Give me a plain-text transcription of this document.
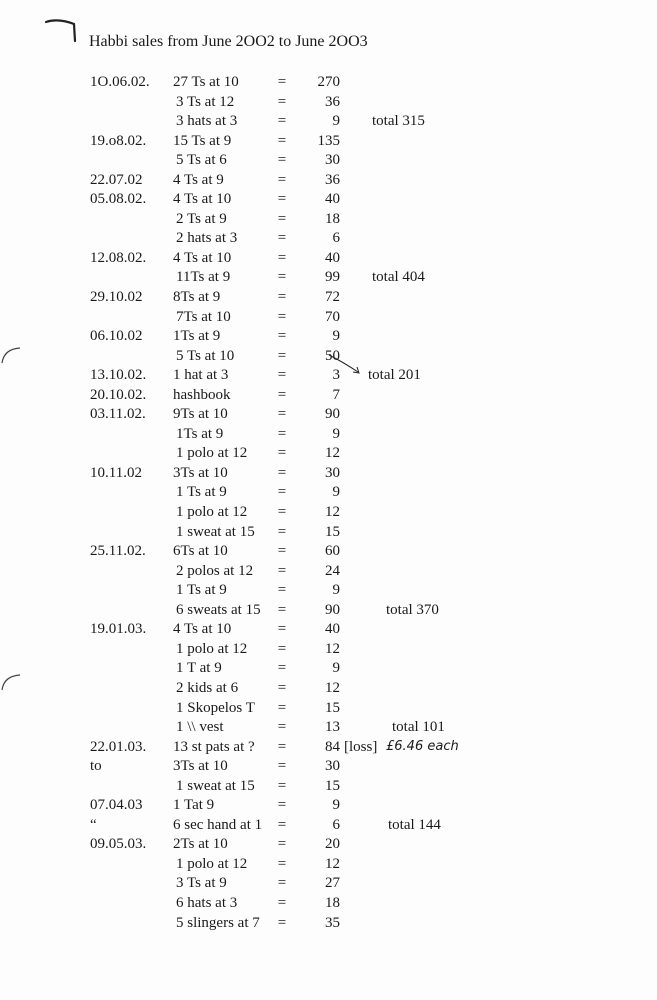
Habbi sales from June 2OO2 to June 2OO3
1O.06.02. 27 Ts at 10	=	270
3 Ts at 12	=	36
3 hats at 3	=	9 total 315
19.o8.02. 15 Ts at 9	=	135
5 Ts at 6	=	30
22.07.02 4 Ts at 9	=	36
05.08.02. 4 Ts at 10	=	40
2 Ts at 9	=	18
2 hats at 3	=	6
12.08.02. 4 Ts at 10	=	40
11Ts at 9	=	99 total 404
29.10.02 8Ts at 9	=	72
7Ts at 10	=	70
06.10.02 1Ts at 9	=	9
5 Ts at 10	=	50
13.10.02. 1 hat at 3	=	3 total 201
20.10.02. hashbook	=	7
03.11.02. 9Ts at 10	=	90
1Ts at 9	=	9
1 polo at 12 =	12
10.11.02 3Ts at 10	=	30
1 Ts at 9	=	9
1 polo at 12 =	12
1 sweat at 15 =	15
25.11.02. 6Ts at 10	=	60
2 polos at 12 =	24
1 Ts at 9	=	9
6 sweats at 15 =	90	total 370
19.01.03. 4 Ts at 10	=	40
1 polo at 12 =	12
1 T at 9	=	9
2 kids at 6	=	12
1 Skopelos T =	15
1 \\ vest	=	13	total 101
22.01.03. 13 st pats at ? =	84 [loss] £6.46 each
to	3Ts at 10	=	30
1 sweat at 15 =	15
07.04.03 1 Tat 9	=	9
“	6 sec hand at 1 =	6	total 144
09.05.03. 2Ts at 10	=	20
1 polo at 12 =	12
3 Ts at 9	=	27
6 hats at 3	=	18
5 slingers at 7 =	35
